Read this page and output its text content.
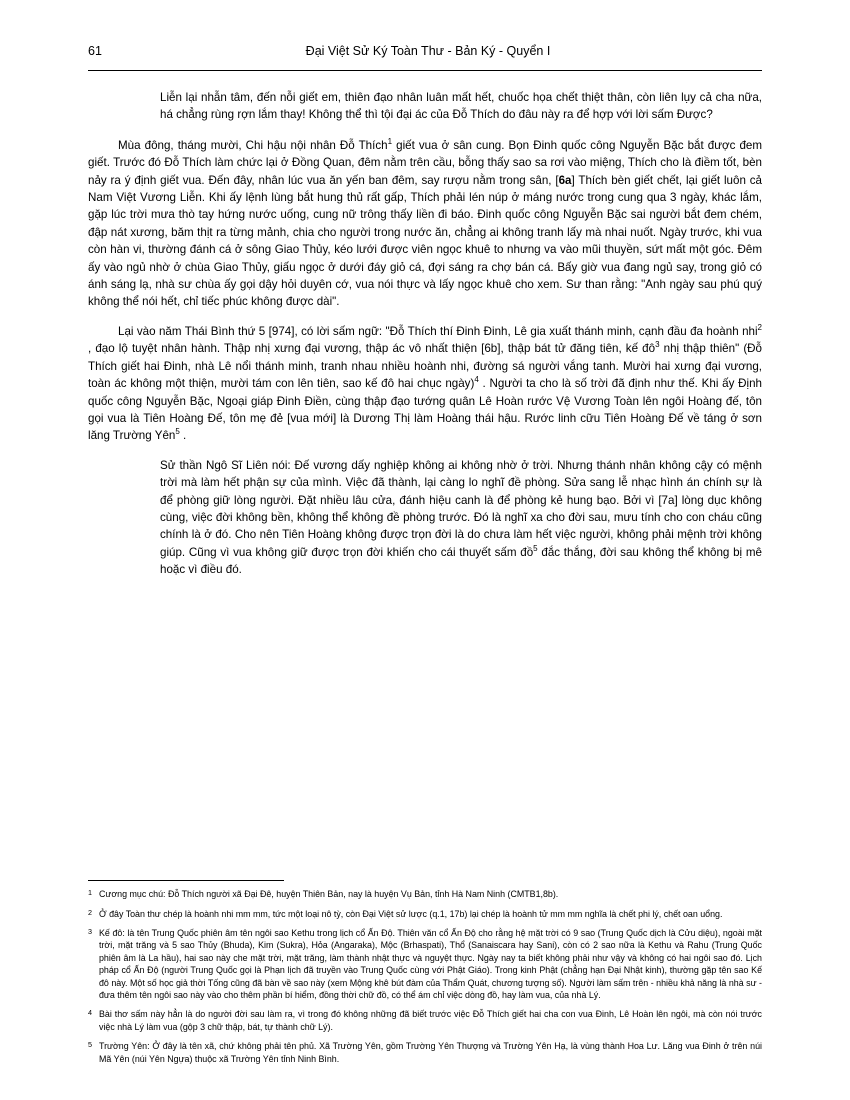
61	Đại Việt Sử Ký Toàn Thư - Bản Ký - Quyển I

Liễn lại nhẫn tâm, đến nỗi giết em, thiên đạo nhân luân mất hết, chuốc họa chết thiệt thân, còn liên lụy cả cha nữa, há chẳng rùng rợn lắm thay! Không thể thì tội đại ác của Đỗ Thích do đâu này ra để hợp với lời sấm Được?

Mùa đông, tháng mười, Chi hậu nội nhân Đỗ Thích$^1$ giết vua ở sân cung. Bọn Đinh quốc công Nguyễn Bặc bắt được đem giết. Trước đó Đỗ Thích làm chức lại ở Đồng Quan, đêm nằm trên cầu, bỗng thấy sao sa rơi vào miệng, Thích cho là điềm tốt, bèn nảy ra ý định giết vua. Đến đây, nhân lúc vua ăn yến ban đêm, say rượu nằm trong sân, [6a] Thích bèn giết chết, lại giết luôn cả Nam Việt Vương Liễn. Khi ấy lệnh lùng bắt hung thủ rất gấp, Thích phải lén núp ở máng nước trong cung qua 3 ngày, khác lắm, gặp lúc trời mưa thò tay hứng nước uống, cung nữ trông thấy liền đi báo. Đinh quốc công Nguyễn Bặc sai người bắt đem chém, đập nát xương, băm thịt ra từng mảnh, chia cho người trong nước ăn, chẳng ai không tranh lấy mà nhai nuốt. Ngày trước, khi vua còn hàn vi, thường đánh cá ở sông Giao Thủy, kéo lưới được viên ngọc khuê to nhưng va vào mũi thuyền, sứt mất một góc. Đêm ấy vào ngủ nhờ ở chùa Giao Thủy, giấu ngọc ở dưới đáy giỏ cá, đợi sáng ra chợ bán cá. Bấy giờ vua đang ngủ say, trong giỏ có ánh sáng lạ, nhà sư chùa ấy gọi dậy hỏi duyên cớ, vua nói thực và lấy ngọc khuê cho xem. Sư than rằng: "Anh ngày sau phú quý không thể nói hết, chỉ tiếc phúc không được dài".

Lại vào năm Thái Bình thứ 5 [974], có lời sấm ngữ: "Đỗ Thích thí Đinh Đinh, Lê gia xuất thánh minh, cạnh đầu đa hoành nhi$^2$ , đạo lộ tuyệt nhân hành. Thập nhị xưng đại vương, thập ác vô nhất thiện [6b], thập bát tử đăng tiên, kế $đô^3$ nhị thập thiên" (Đỗ Thích giết hai Đinh, nhà Lê nổi thánh minh, tranh nhau nhiều hoành nhi, đường sá người vắng tanh. Mười hai xưng đại vương, toàn ác không một thiện, mười tám con lên tiên, sao kế đô hai chục ngày)$^4$ . Người ta cho là số trời đã định như thế. Khi ấy Định quốc công Nguyễn Bặc, Ngoại giáp Đinh Điền, cùng thập đạo tướng quân Lê Hoàn rước Vệ Vương Toàn lên ngôi Hoàng đế, tôn gọi vua là Tiên Hoàng Đế, tôn mẹ đẻ [vua mới] là Dương Thị làm Hoàng thái hậu. Rước linh cữu Tiên Hoàng Đế về táng ở sơn lăng Trường Yên$^5$ .

Sử thần Ngô Sĩ Liên nói: Đế vương dấy nghiệp không ai không nhờ ở trời. Nhưng thánh nhân không cậy có mệnh trời mà làm hết phận sự của mình. Việc đã thành, lại càng lo nghĩ đề phòng. Sửa sang lễ nhạc hình án chính sự là để phòng giữ lòng người. Đặt nhiều lâu cửa, đánh hiệu canh là để phòng kẻ hung bạo. Bởi vì [7a] lòng dục không cùng, việc đời không bền, không thể không đề phòng trước. Đó là nghĩ xa cho đời sau, mưu tính cho con cháu cũng chính là ở đó. Cho nên Tiên Hoàng không được trọn đời là do chưa làm hết việc người, không phải mệnh trời không giúp. Cũng vì vua không giữ được trọn đời khiến cho cái thuyết sấm đồ$^5$ đắc thắng, đời sau không thể không bị mê hoặc vì điều đó.

1 Cương mục chú: Đỗ Thích người xã Đại Đê, huyện Thiên Bản, nay là huyện Vụ Bản, tỉnh Hà Nam Ninh (CMTB1,8b).

2 Ở đây Toàn thư chép là hoành nhi mm mm, tức một loại nô tỳ, còn Đại Việt sử lược (q.1, 17b) lại chép là hoành tử mm mm nghĩa là chết phi lý, chết oan uổng.

3 Kế đô: là tên Trung Quốc phiên âm tên ngôi sao Kethu trong lịch cổ Ấn Độ. Thiên văn cổ Ấn Độ cho rằng hệ mặt trời có 9 sao (Trung Quốc dịch là Cửu diệu), ngoài mặt trời, mặt trăng và 5 sao Thủy (Bhuda), Kim (Sukra), Hỏa (Angaraka), Mộc (Brhaspati), Thổ (Sanaiscara hay Sani), còn có 2 sao nữa là Kethu và Rahu (Trung Quốc phiên âm là La hầu), hai sao này che mặt trời, mặt trăng, làm thành nhật thực và nguyệt thực. Ngày nay ta biết không phải như vậy và không có hai ngôi sao đó. Lịch pháp cổ Ấn Độ (người Trung Quốc gọi là Phạn lịch đã truyền vào Trung Quốc cùng với Phật Giáo). Trong kinh Phật (chẳng hạn Đại Nhật kinh), thường gặp tên sao Kế đô này. Một số học giả thời Tống cũng đã bàn về sao này (xem Mộng khê bút đàm của Thẩm Quát, chương tượng số). Người làm sấm trên - nhiều khả năng là nhà sư - đưa thêm tên ngôi sao này vào cho thêm phần bí hiểm, đồng thời chữ đồ, có thể ám chỉ việc dòng đồ, hay làm vua, của nhà Lý.

4 Bài thơ sấm này hẳn là do người đời sau làm ra, vì trong đó không những đã biết trước việc Đỗ Thích giết hai cha con vua Đinh, Lê Hoàn lên ngôi, mà còn nói trước việc nhà Lý làm vua (gộp 3 chữ thập, bát, tự thành chữ Lý).

5 Trường Yên: Ở đây là tên xã, chứ không phải tên phủ. Xã Trường Yên, gồm Trường Yên Thượng và Trường Yên Hạ, là vùng thành Hoa Lư. Lăng vua Đinh ở trên núi Mã Yên (núi Yên Ngựa) thuộc xã Trường Yên tỉnh Ninh Bình.
